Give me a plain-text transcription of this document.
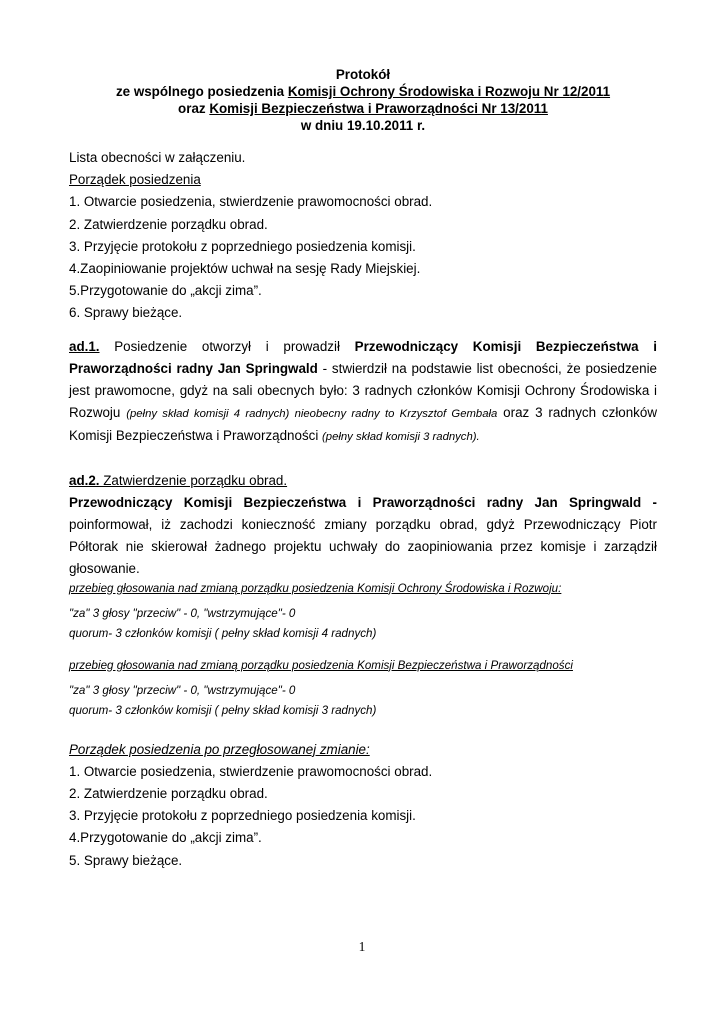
Protokół
ze wspólnego posiedzenia Komisji Ochrony Środowiska i Rozwoju Nr 12/2011
oraz Komisji Bezpieczeństwa i Praworządności Nr 13/2011
w dniu 19.10.2011 r.

Lista obecności w załączeniu.

Porządek posiedzenia

1. Otwarcie posiedzenia, stwierdzenie prawomocności obrad.

2. Zatwierdzenie porządku obrad.

3. Przyjęcie protokołu z poprzedniego posiedzenia komisji.

4.Zaopiniowanie projektów uchwał na sesję Rady Miejskiej.

5.Przygotowanie do „akcji zima”.

6. Sprawy bieżące.

ad.1. Posiedzenie otworzył i prowadził Przewodniczący Komisji Bezpieczeństwa i Praworządności radny Jan Springwald - stwierdził na podstawie list obecności, że posiedzenie jest prawomocne, gdyż na sali obecnych było: 3 radnych członków Komisji Ochrony Środowiska i Rozwoju (pełny skład komisji 4 radnych) nieobecny radny to Krzysztof Gembała oraz 3 radnych członków Komisji Bezpieczeństwa i Praworządności (pełny skład komisji 3 radnych).

ad.2. Zatwierdzenie porządku obrad.

Przewodniczący Komisji Bezpieczeństwa i Praworządności radny Jan Springwald - poinformował, iż zachodzi konieczność zmiany porządku obrad, gdyż Przewodniczący Piotr Półtorak nie skierował żadnego projektu uchwały do zaopiniowania przez komisje i zarządził głosowanie.

przebieg głosowania nad zmianą porządku posiedzenia Komisji Ochrony Środowiska i Rozwoju:

"za" 3 głosy "przeciw" - 0, "wstrzymujące"- 0

quorum- 3 członków komisji ( pełny skład komisji 4 radnych)

przebieg głosowania nad zmianą porządku posiedzenia Komisji Bezpieczeństwa i Praworządności

"za" 3 głosy "przeciw" - 0, "wstrzymujące"- 0

quorum- 3 członków komisji ( pełny skład komisji 3 radnych)

Porządek posiedzenia po przegłosowanej zmianie:

1. Otwarcie posiedzenia, stwierdzenie prawomocności obrad.

2. Zatwierdzenie porządku obrad.

3. Przyjęcie protokołu z poprzedniego posiedzenia komisji.

4.Przygotowanie do „akcji zima”.

5. Sprawy bieżące.

1
